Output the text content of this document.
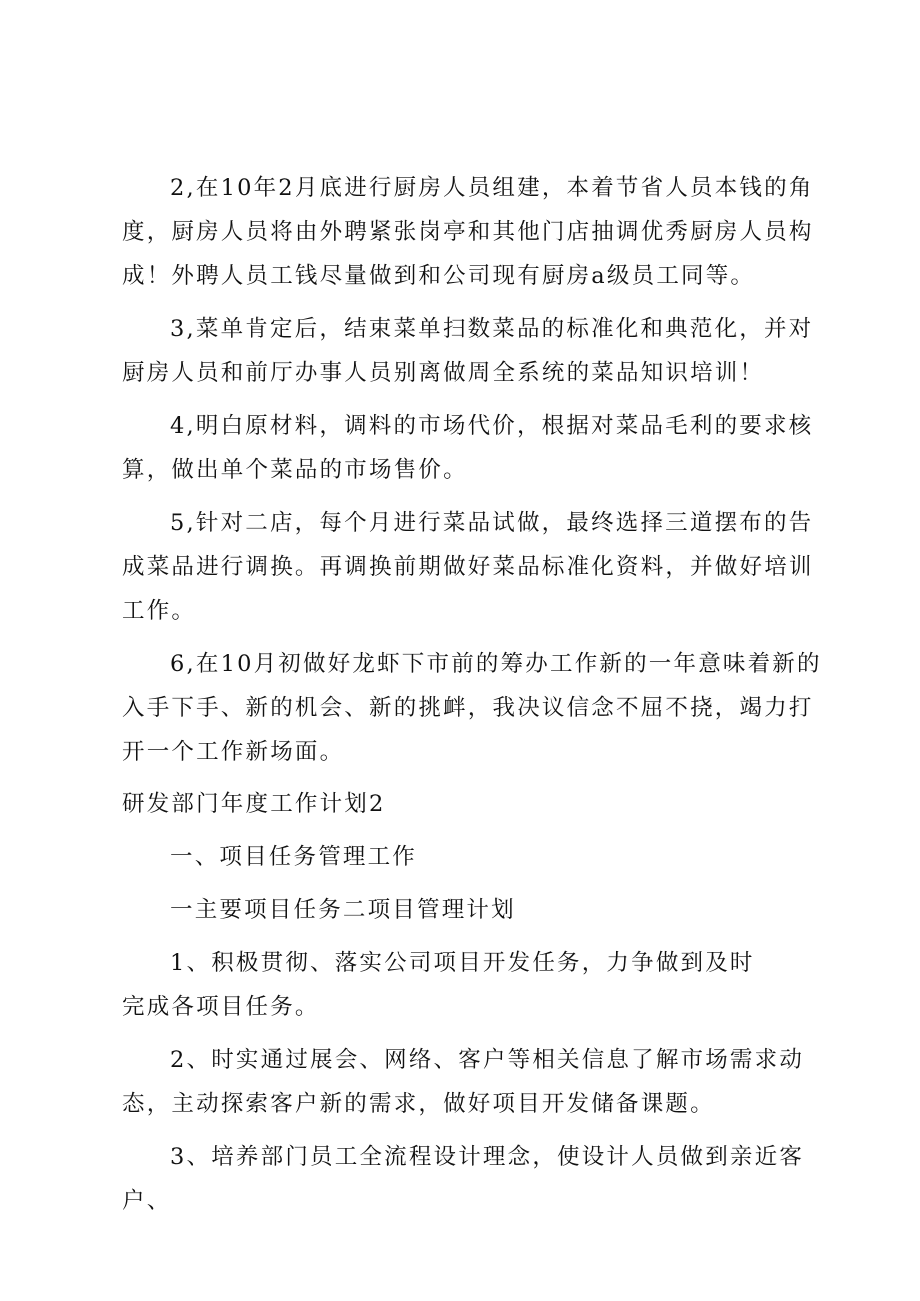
2,在10年2月底进行厨房人员组建，本着节省人员本钱的角度，厨房人员将由外聘紧张岗亭和其他门店抽调优秀厨房人员构成！外聘人员工钱尽量做到和公司现有厨房a级员工同等。

3,菜单肯定后，结束菜单扫数菜品的标准化和典范化，并对厨房人员和前厅办事人员别离做周全系统的菜品知识培训！

4,明白原材料，调料的市场代价，根据对菜品毛利的要求核算，做出单个菜品的市场售价。

5,针对二店，每个月进行菜品试做，最终选择三道摆布的告成菜品进行调换。再调换前期做好菜品标准化资料，并做好培训工作。

6,在10月初做好龙虾下市前的筹办工作新的一年意味着新的入手下手、新的机会、新的挑衅，我决议信念不屈不挠，竭力打开一个工作新场面。

研发部门年度工作计划2

一、项目任务管理工作

一主要项目任务二项目管理计划

1、积极贯彻、落实公司项目开发任务，力争做到及时完成各项目任务。

2、时实通过展会、网络、客户等相关信息了解市场需求动态，主动探索客户新的需求，做好项目开发储备课题。

3、培养部门员工全流程设计理念，使设计人员做到亲近客户、
